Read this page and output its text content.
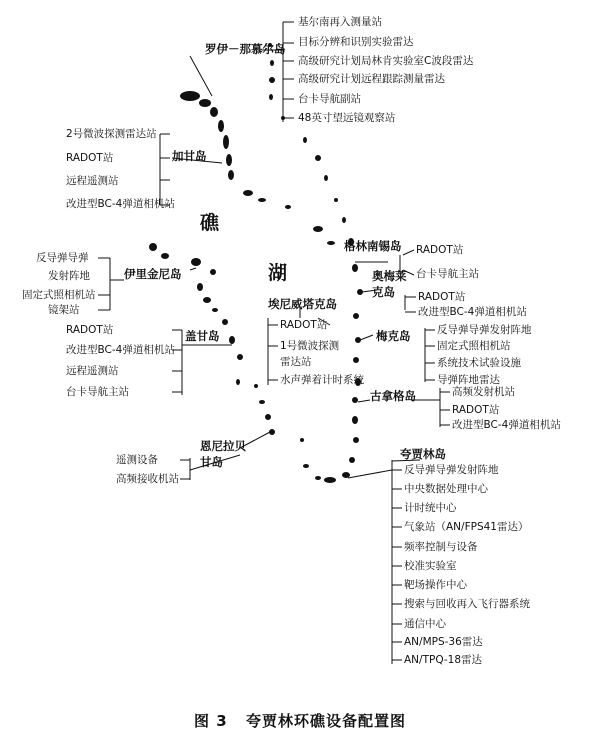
礁
湖
罗伊－那慕尔岛
基尔南再入测量站
目标分辨和识别实验雷达
高级研究计划局林肯实验室C波段雷达
高级研究计划远程跟踪测量雷达
台卡导航副站
48英寸望远镜观察站
加甘岛
2号微波探测雷达站
RADOT站
远程遥测站
改进型BC-4弹道相机站
伊里金尼岛
反导弹导弹
发射阵地
固定式照相机站
镜架站
盖甘岛
RADOT站
改进型BC-4弹道相机站
远程遥测站
台卡导航主站
恩尼拉贝甘岛
遥测设备
高频接收机站
埃尼威塔克岛
RADOT站
1号微波探测
雷达站
水声弹着计时系统
格林南锡岛 RADOT站
台卡导航主站
奥梅莱克岛	RADOT站
改进型BC-4弹道相机站
梅克岛	反导弹导弹发射阵地
固定式照相机站
系统技术试验设施
导弹阵地雷达
古拿格岛	高频发射机站
RADOT站
改进型BC-4弹道相机站
夸贾林岛
反导弹导弹发射阵地
中央数据处理中心
计时统中心
气象站（AN/FPS41雷达）
频率控制与设备
校准实验室
靶场操作中心
搜索与回收再入飞行器系统
通信中心
AN/MPS-36雷达
AN/TPQ-18雷达
图 3 夸贾林环礁设备配置图
